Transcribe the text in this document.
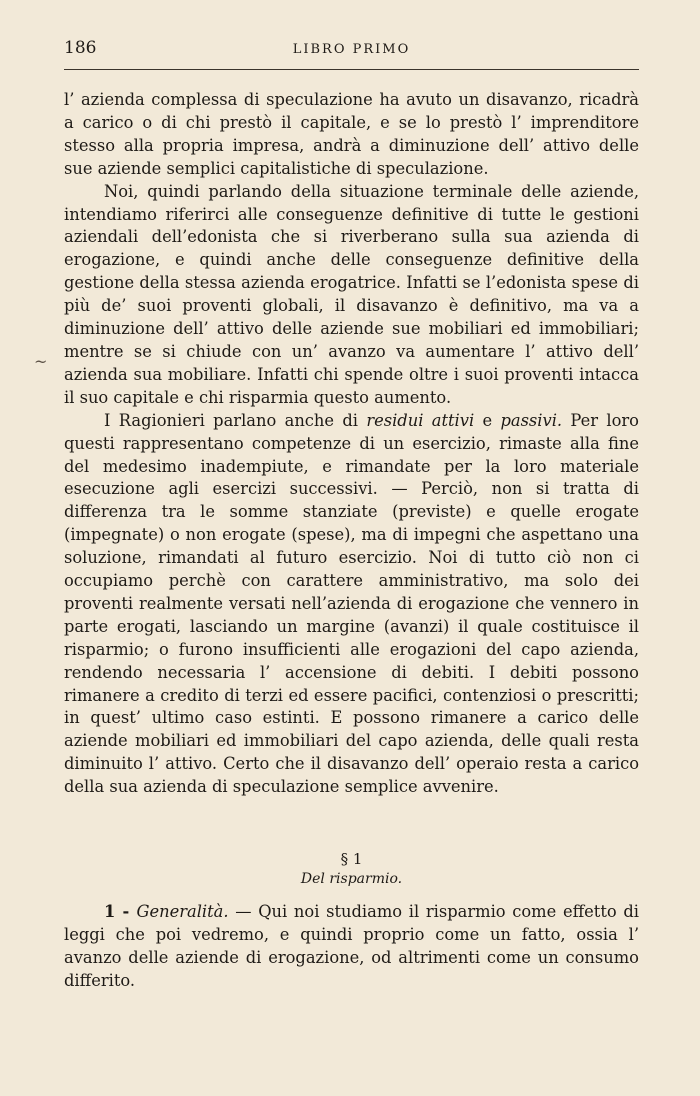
186	LIBRO PRIMO
~

l’ azienda complessa di speculazione ha avuto un disavanzo, ricadrà a carico o di chi prestò il capitale, e se lo prestò l’ imprenditore stesso alla propria impresa, andrà a diminuzione dell’ attivo delle sue aziende semplici capitalistiche di speculazione.

Noi, quindi parlando della situazione terminale delle aziende, intendiamo riferirci alle conseguenze definitive di tutte le gestioni aziendali dell’edonista che si riverberano sulla sua azienda di erogazione, e quindi anche delle conseguenze definitive della gestione della stessa azienda erogatrice. Infatti se l’edonista spese di più de’ suoi proventi globali, il disavanzo è definitivo, ma va a diminuzione dell’ attivo delle aziende sue mobiliari ed immobiliari; mentre se si chiude con un’ avanzo va aumentare l’ attivo dell’ azienda sua mobiliare. Infatti chi spende oltre i suoi proventi intacca il suo capitale e chi risparmia questo aumento.

I Ragionieri parlano anche di residui attivi e passivi. Per loro questi rappresentano competenze di un esercizio, rimaste alla fine del medesimo inadempiute, e rimandate per la loro materiale esecuzione agli esercizi successivi. — Perciò, non si tratta di differenza tra le somme stanziate (previste) e quelle erogate (impegnate) o non erogate (spese), ma di impegni che aspettano una soluzione, rimandati al futuro esercizio. Noi di tutto ciò non ci occupiamo perchè con carattere amministrativo, ma solo dei proventi realmente versati nell’azienda di erogazione che vennero in parte erogati, lasciando un margine (avanzi) il quale costituisce il risparmio; o furono insufficienti alle erogazioni del capo azienda, rendendo necessaria l’ accensione di debiti. I debiti possono rimanere a credito di terzi ed essere pacifici, contenziosi o prescritti; in quest’ ultimo caso estinti. E possono rimanere a carico delle aziende mobiliari ed immobiliari del capo azienda, delle quali resta diminuito l’ attivo. Certo che il disavanzo dell’ operaio resta a carico della sua azienda di speculazione semplice avvenire.

§ 1
Del risparmio.

1 - Generalità. — Qui noi studiamo il risparmio come effetto di leggi che poi vedremo, e quindi proprio come un fatto, ossia l’ avanzo delle aziende di erogazione, od altrimenti come un consumo differito.
